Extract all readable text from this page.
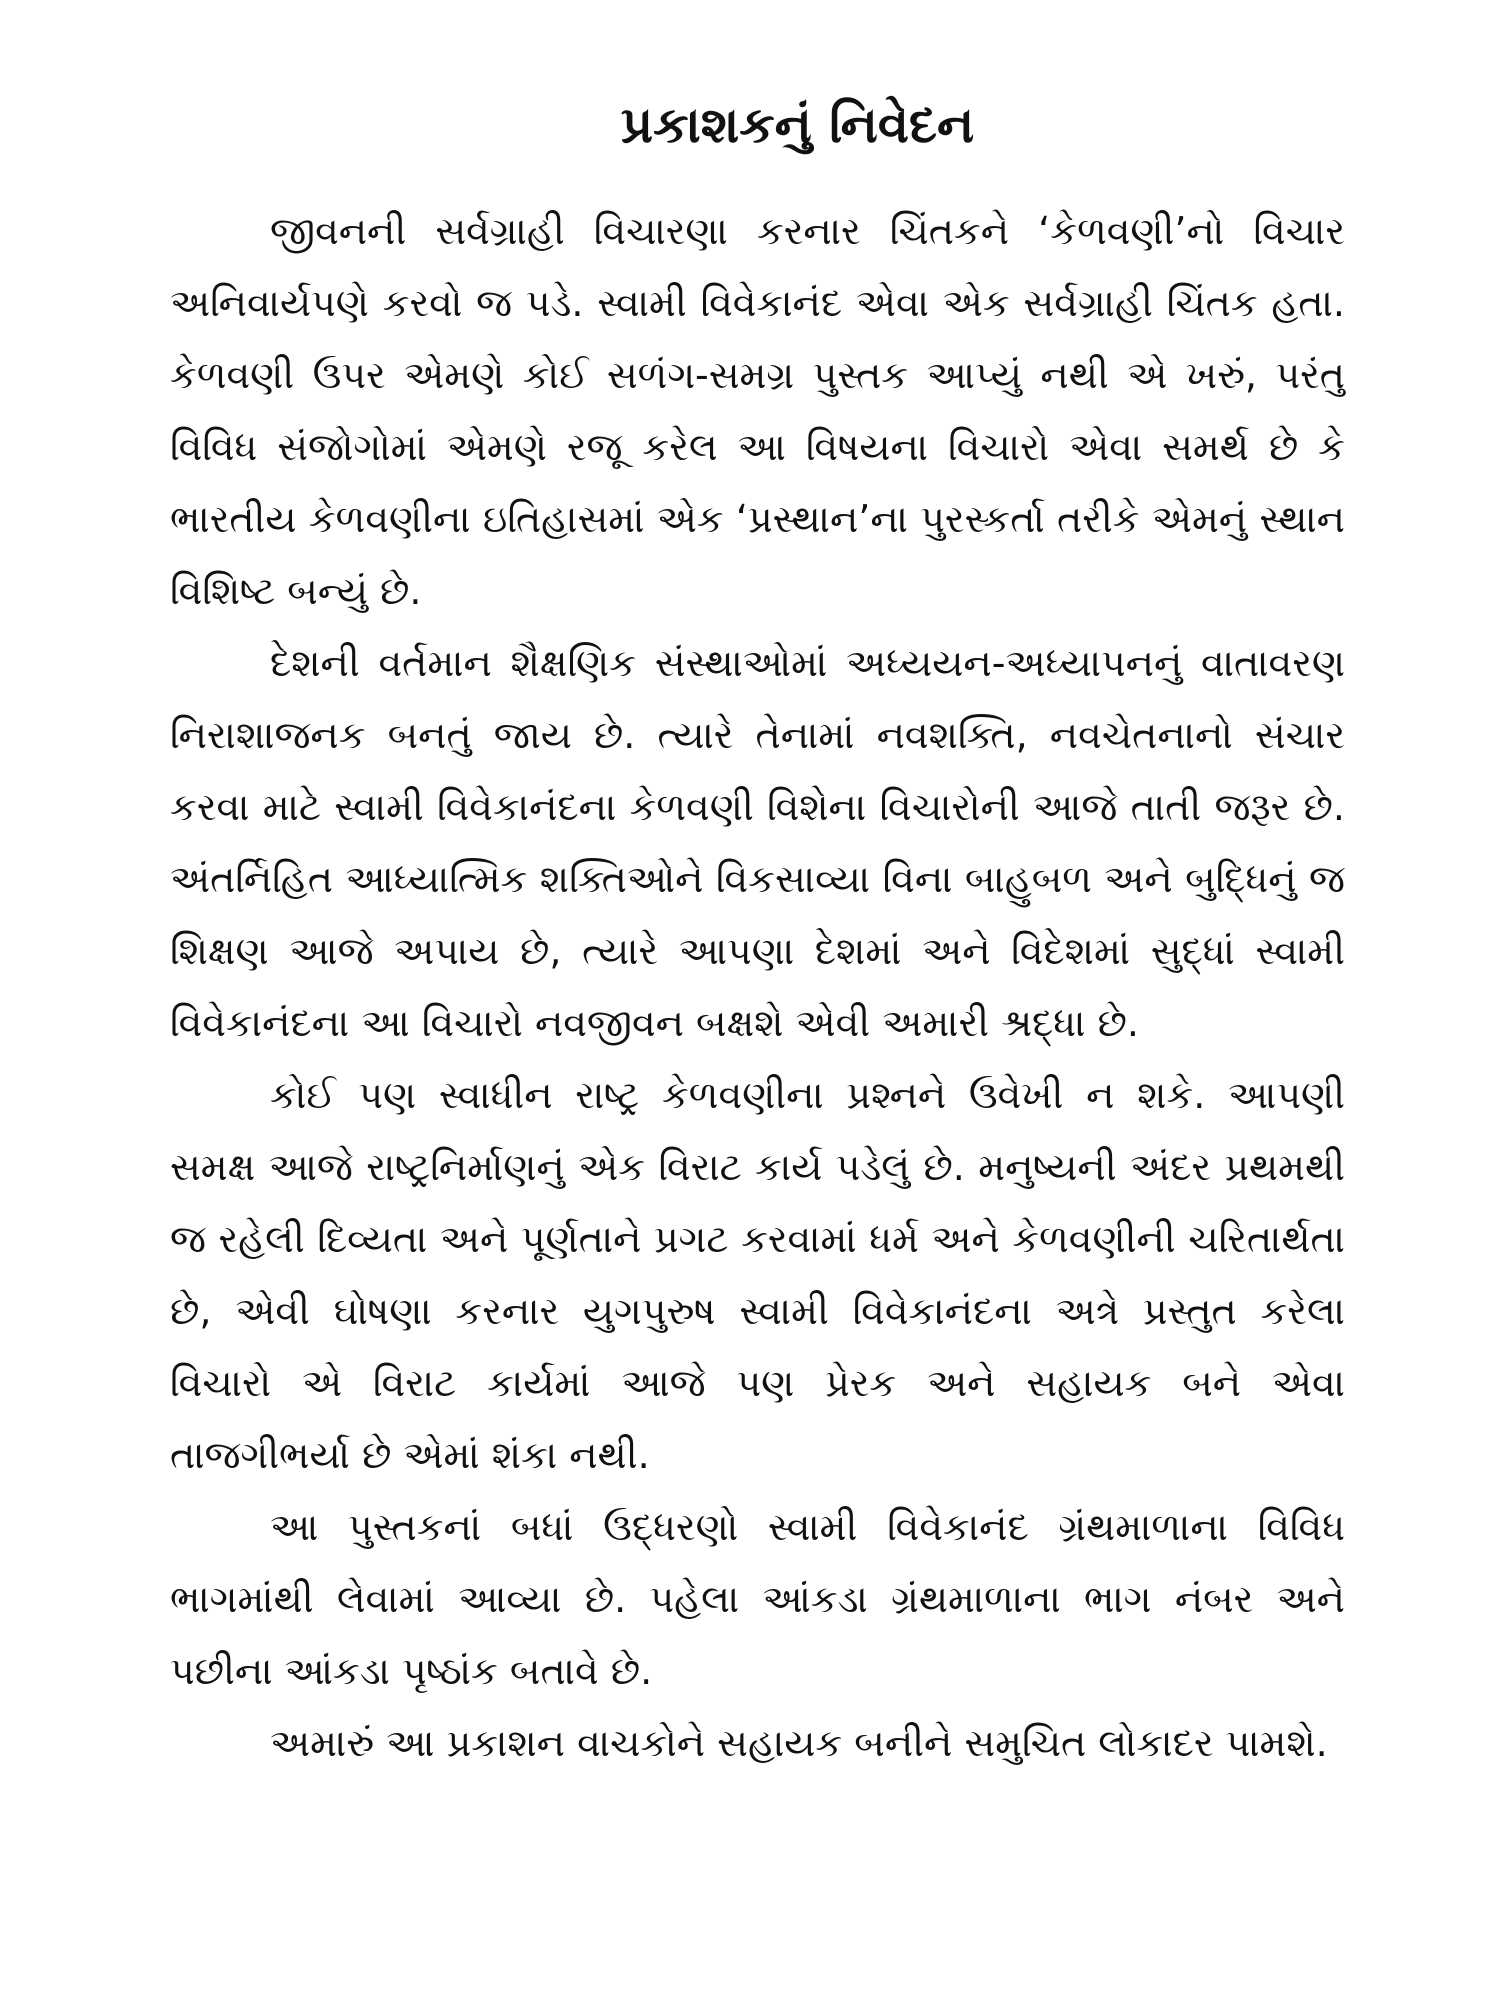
પ્રકાશકનું નિવેદન

જીવનની સર્વગ્રાહી વિચારણા કરનાર ચિંતકને ‘કેળવણી’નો વિચાર અનિવાર્યપણે કરવો જ પડે. સ્વામી વિવેકાનંદ એવા એક સર્વગ્રાહી ચિંતક હતા. કેળવણી ઉપર એમણે કોઈ સળંગ-સમગ્ર પુસ્તક આપ્યું નથી એ ખરું, પરંતુ વિવિધ સંજોગોમાં એમણે રજૂ કરેલ આ વિષયના વિચારો એવા સમર્થ છે કે ભારતીય કેળવણીના ઇતિહાસમાં એક ‘પ્રસ્થાન’ના પુરસ્કર્તા તરીકે એમનું સ્થાન વિશિષ્ટ બન્યું છે.

દેશની વર્તમાન શૈક્ષણિક સંસ્થાઓમાં અધ્યયન-અધ્યાપનનું વાતાવરણ નિરાશાજનક બનતું જાય છે. ત્યારે તેનામાં નવશક્તિ, નવચેતનાનો સંચાર કરવા માટે સ્વામી વિવેકાનંદના કેળવણી વિશેના વિચારોની આજે તાતી જરૂર છે. અંતર્નિહિત આધ્યાત્મિક શક્તિઓને વિકસાવ્યા વિના બાહુબળ અને બુદ્ધિનું જ શિક્ષણ આજે અપાય છે, ત્યારે આપણા દેશમાં અને વિદેશમાં સુદ્ધાં સ્વામી વિવેકાનંદના આ વિચારો નવજીવન બક્ષશે એવી અમારી શ્રદ્ધા છે.

કોઈ પણ સ્વાધીન રાષ્ટ્ર કેળવણીના પ્રશ્નને ઉવેખી ન શકે. આપણી સમક્ષ આજે રાષ્ટ્રનિર્માણનું એક વિરાટ કાર્ય પડેલું છે. મનુષ્યની અંદર પ્રથમથી જ રહેલી દિવ્યતા અને પૂર્ણતાને પ્રગટ કરવામાં ધર્મ અને કેળવણીની ચરિતાર્થતા છે, એવી ઘોષણા કરનાર યુગપુરુષ સ્વામી વિવેકાનંદના અત્રે પ્રસ્તુત કરેલા વિચારો એ વિરાટ કાર્યમાં આજે પણ પ્રેરક અને સહાયક બને એવા તાજગીભર્યા છે એમાં શંકા નથી.

આ પુસ્તકનાં બધાં ઉદ્ધરણો સ્વામી વિવેકાનંદ ગ્રંથમાળાના વિવિધ ભાગમાંથી લેવામાં આવ્યા છે. પહેલા આંકડા ગ્રંથમાળાના ભાગ નંબર અને પછીના આંકડા પૃષ્ઠાંક બતાવે છે.

અમારું આ પ્રકાશન વાચકોને સહાયક બનીને સમુચિત લોકાદર પામશે.
